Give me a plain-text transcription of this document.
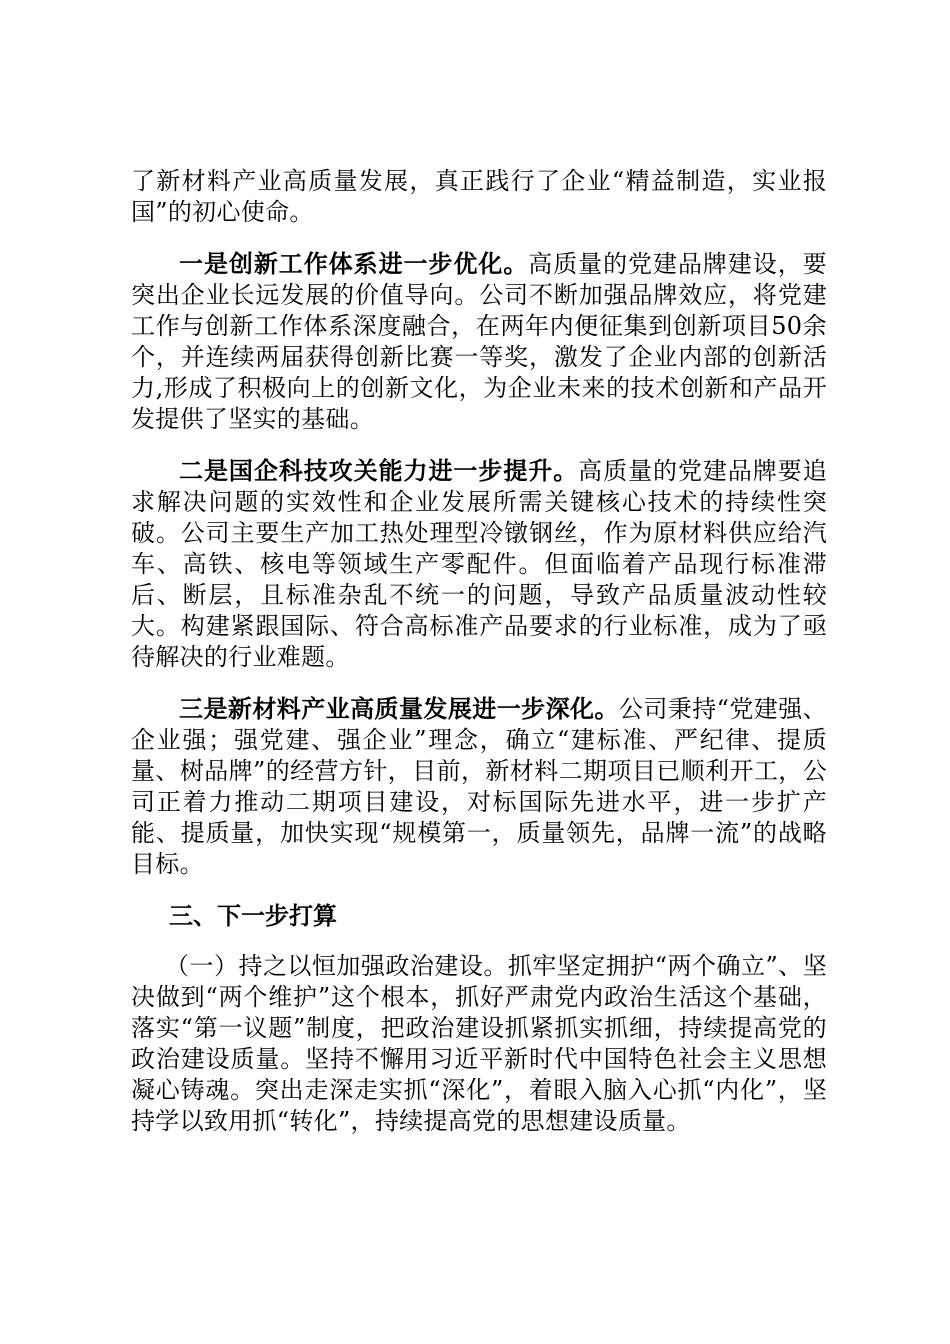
了新材料产业高质量发展，真正践行了企业“精益制造，实业报国”的初心使命。

一是创新工作体系进一步优化。高质量的党建品牌建设，要突出企业长远发展的价值导向。公司不断加强品牌效应，将党建工作与创新工作体系深度融合，在两年内便征集到创新项目50余个，并连续两届获得创新比赛一等奖，激发了企业内部的创新活力,形成了积极向上的创新文化，为企业未来的技术创新和产品开发提供了坚实的基础。

二是国企科技攻关能力进一步提升。高质量的党建品牌要追求解决问题的实效性和企业发展所需关键核心技术的持续性突破。公司主要生产加工热处理型冷镦钢丝，作为原材料供应给汽车、高铁、核电等领域生产零配件。但面临着产品现行标准滞后、断层，且标准杂乱不统一的问题，导致产品质量波动性较大。构建紧跟国际、符合高标准产品要求的行业标准，成为了亟待解决的行业难题。

三是新材料产业高质量发展进一步深化。公司秉持“党建强、企业强；强党建、强企业”理念，确立“建标准、严纪律、提质量、树品牌”的经营方针，目前，新材料二期项目已顺利开工，公司正着力推动二期项目建设，对标国际先进水平，进一步扩产能、提质量，加快实现“规模第一，质量领先，品牌一流”的战略目标。

三、下一步打算

（一）持之以恒加强政治建设。抓牢坚定拥护“两个确立”、坚决做到“两个维护”这个根本，抓好严肃党内政治生活这个基础，落实“第一议题”制度，把政治建设抓紧抓实抓细，持续提高党的政治建设质量。坚持不懈用习近平新时代中国特色社会主义思想凝心铸魂。突出走深走实抓“深化”，着眼入脑入心抓“内化”，坚持学以致用抓“转化”，持续提高党的思想建设质量。
